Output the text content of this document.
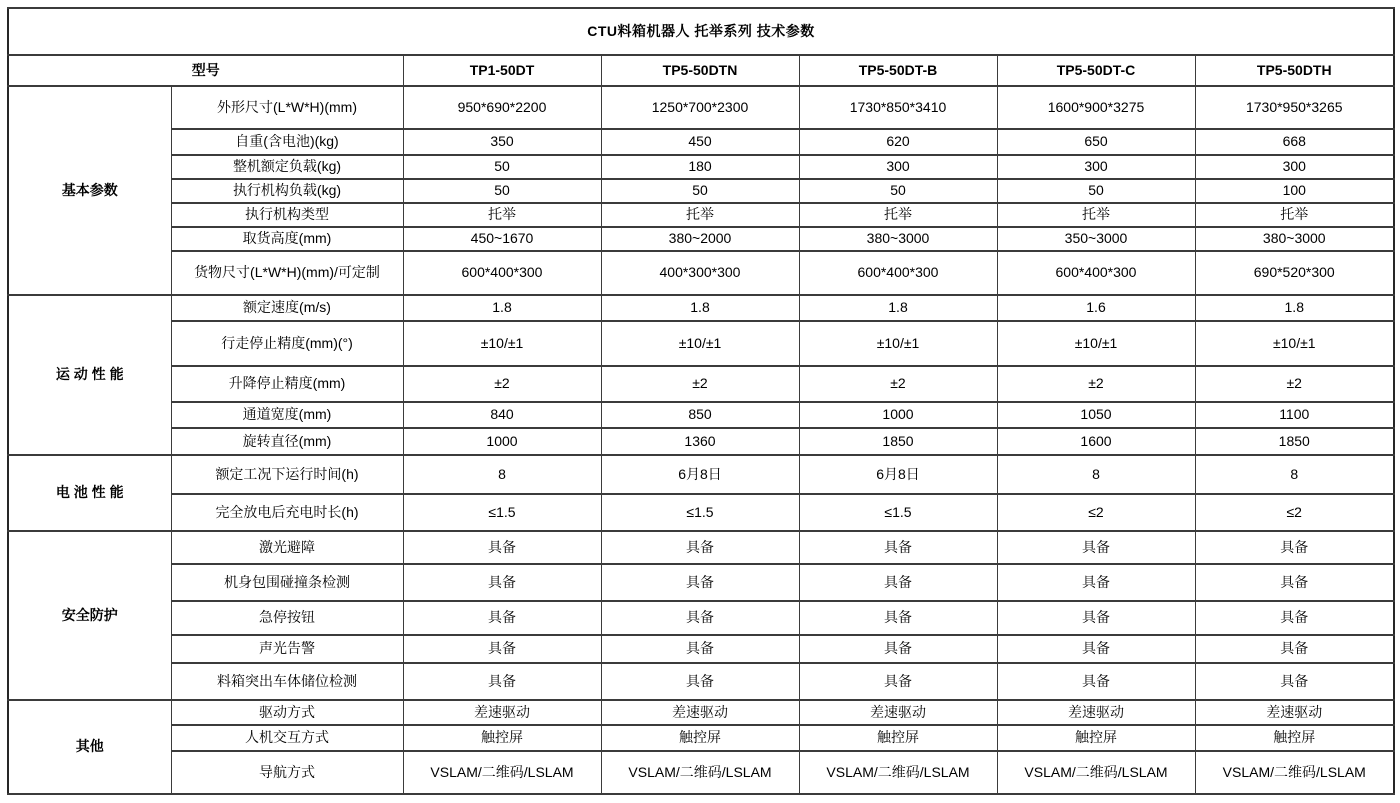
CTU料箱机器人 托举系列 技术参数						
型号		TP1-50DT	TP5-50DTN	TP5-50DT-B	TP5-50DT-C	TP5-50DTH
基本参数	外形尺寸(L*W*H)(mm)	950*690*2200	1250*700*2300	1730*850*3410	1600*900*3275	1730*950*3265
	自重(含电池)(kg)	350	450	620	650	668
	整机额定负载(kg)	50	180	300	300	300
	执行机构负载(kg)	50	50	50	50	100
	执行机构类型	托举	托举	托举	托举	托举
	取货高度(mm)	450~1670	380~2000	380~3000	350~3000	380~3000
	货物尺寸(L*W*H)(mm)/可定制	600*400*300	400*300*300	600*400*300	600*400*300	690*520*300
运 动 性 能	额定速度(m/s)	1.8	1.8	1.8	1.6	1.8
	行走停止精度(mm)(°)	±10/±1	±10/±1	±10/±1	±10/±1	±10/±1
	升降停止精度(mm)	±2	±2	±2	±2	±2
	通道宽度(mm)	840	850	1000	1050	1100
	旋转直径(mm)	1000	1360	1850	1600	1850
电 池 性 能	额定工况下运行时间(h)	8	6月8日	6月8日	8	8
	完全放电后充电时长(h)	≤1.5	≤1.5	≤1.5	≤2	≤2
安全防护	激光避障	具备	具备	具备	具备	具备
	机身包围碰撞条检测	具备	具备	具备	具备	具备
	急停按钮	具备	具备	具备	具备	具备
	声光告警	具备	具备	具备	具备	具备
	料箱突出车体储位检测	具备	具备	具备	具备	具备
其他	驱动方式	差速驱动	差速驱动	差速驱动	差速驱动	差速驱动
	人机交互方式	触控屏	触控屏	触控屏	触控屏	触控屏
	导航方式	VSLAM/二维码/LSLAM	VSLAM/二维码/LSLAM	VSLAM/二维码/LSLAM	VSLAM/二维码/LSLAM	VSLAM/二维码/LSLAM
